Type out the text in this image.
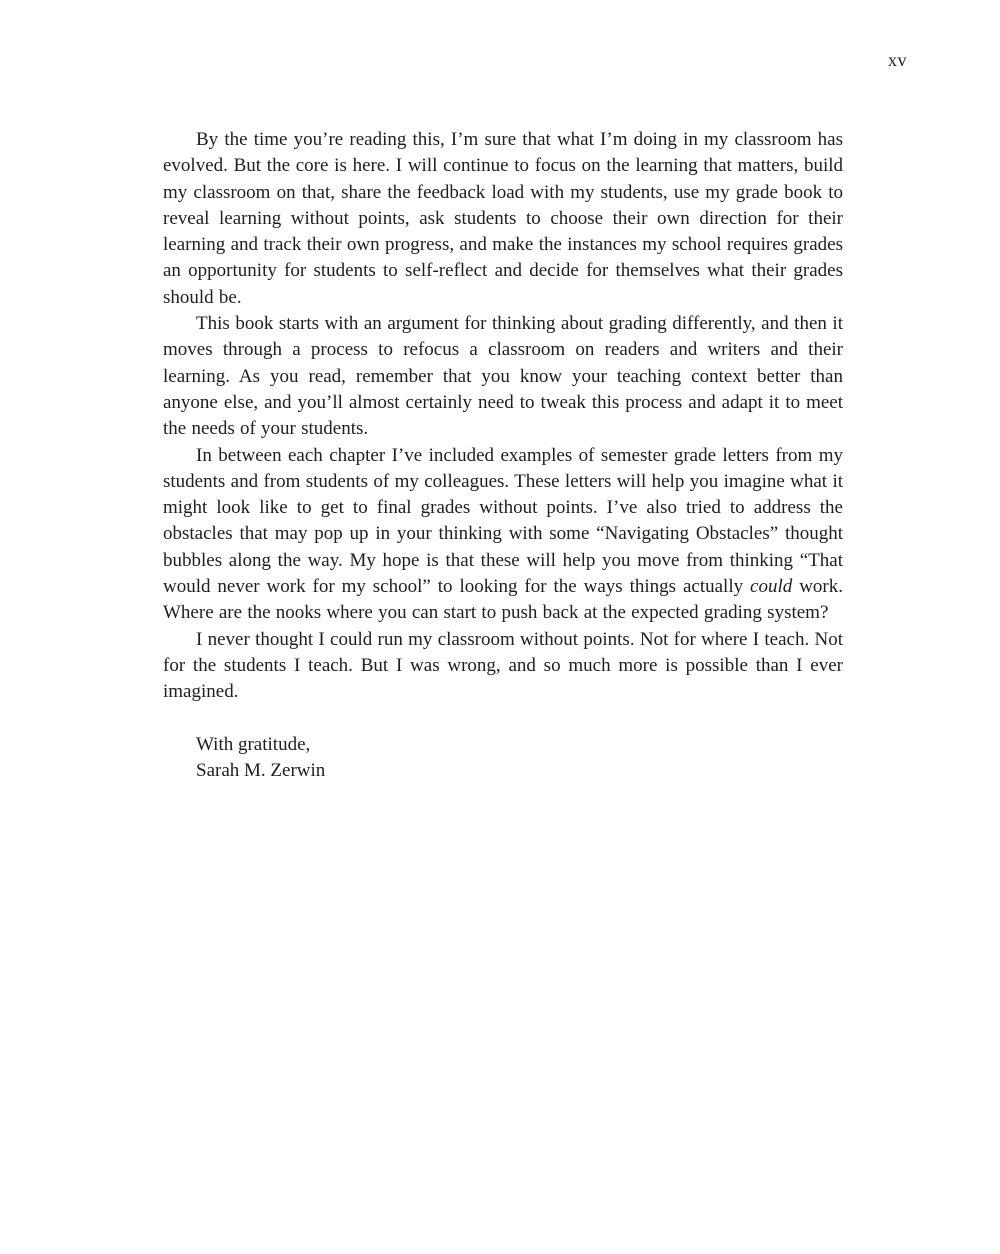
xv

By the time you’re reading this, I’m sure that what I’m doing in my classroom has evolved. But the core is here. I will continue to focus on the learning that matters, build my classroom on that, share the feedback load with my students, use my grade book to reveal learning without points, ask students to choose their own direction for their learning and track their own progress, and make the instances my school requires grades an opportunity for students to self-reflect and decide for themselves what their grades should be.

This book starts with an argument for thinking about grading differently, and then it moves through a process to refocus a classroom on readers and writers and their learning. As you read, remember that you know your teaching context better than anyone else, and you’ll almost certainly need to tweak this process and adapt it to meet the needs of your students.

In between each chapter I’ve included examples of semester grade letters from my students and from students of my colleagues. These letters will help you imagine what it might look like to get to final grades without points. I’ve also tried to address the obstacles that may pop up in your thinking with some “Navigating Obstacles” thought bubbles along the way. My hope is that these will help you move from thinking “That would never work for my school” to looking for the ways things actually could work. Where are the nooks where you can start to push back at the expected grading system?

I never thought I could run my classroom without points. Not for where I teach. Not for the students I teach. But I was wrong, and so much more is possible than I ever imagined.

With gratitude,
Sarah M. Zerwin
